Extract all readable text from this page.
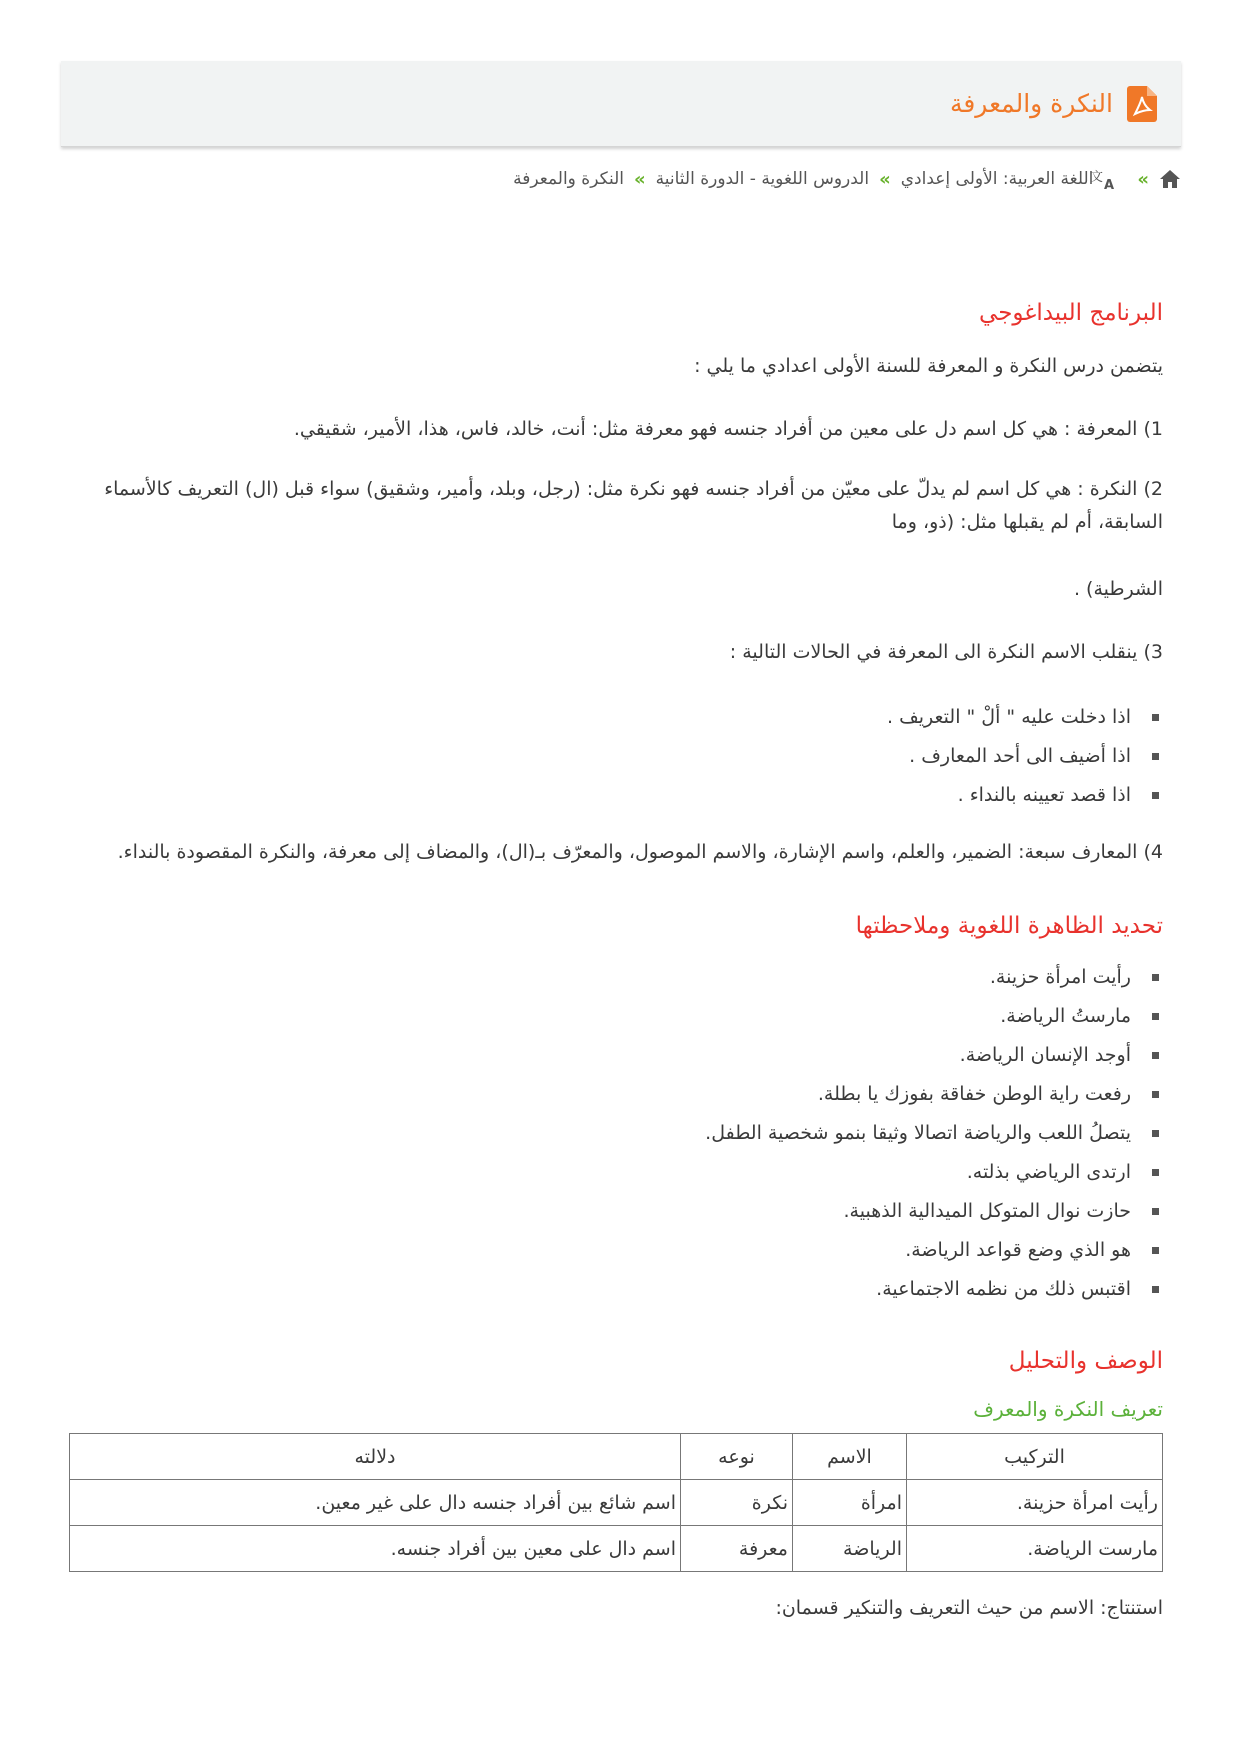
النكرة والمعرفة
»
文
A
اللغة العربية: الأولى إعدادي
»
الدروس اللغوية - الدورة الثانية
»
النكرة والمعرفة
البرنامج البيداغوجي

يتضمن درس النكرة و المعرفة للسنة الأولى اعدادي ما يلي :

1) المعرفة : هي كل اسم دل على معين من أفراد جنسه فهو معرفة مثل: أنت، خالد، فاس، هذا، الأمير، شقيقي.

2) النكرة : هي كل اسم لم يدلّ على معيّن من أفراد جنسه فهو نكرة مثل: (رجل، وبلد، وأمير، وشقيق) سواء قبل (ال) التعريف كالأسماء السابقة، أم لم يقبلها مثل: (ذو، وما

الشرطية) .

3) ينقلب الاسم النكرة الى المعرفة في الحالات التالية :

اذا دخلت عليه " ألْ " التعريف .
اذا أضيف الى أحد المعارف .
اذا قصد تعيينه بالنداء .

4) المعارف سبعة: الضمير، والعلم، واسم الإشارة، والاسم الموصول، والمعرّف بـ(ال)، والمضاف إلى معرفة، والنكرة المقصودة بالنداء.

تحديد الظاهرة اللغوية وملاحظتها
رأيت امرأة حزينة.
مارستُ الرياضة.
أوجد الإنسان الرياضة.
رفعت راية الوطن خفاقة بفوزك يا بطلة.
يتصلُ اللعب والرياضة اتصالا وثيقا بنمو شخصية الطفل.
ارتدى الرياضي بذلته.
حازت نوال المتوكل الميدالية الذهبية.
هو الذي وضع قواعد الرياضة.
اقتبس ذلك من نظمه الاجتماعية.
الوصف والتحليل
تعريف النكرة والمعرف

استنتاج: الاسم من حيث التعريف والتنكير قسمان:

التركيب	الاسم	نوعه	دلالته
رأيت امرأة حزينة.	امرأة	نكرة	اسم شائع بين أفراد جنسه دال على غير معين.
مارست الرياضة.	الرياضة	معرفة	اسم دال على معين بين أفراد جنسه.
